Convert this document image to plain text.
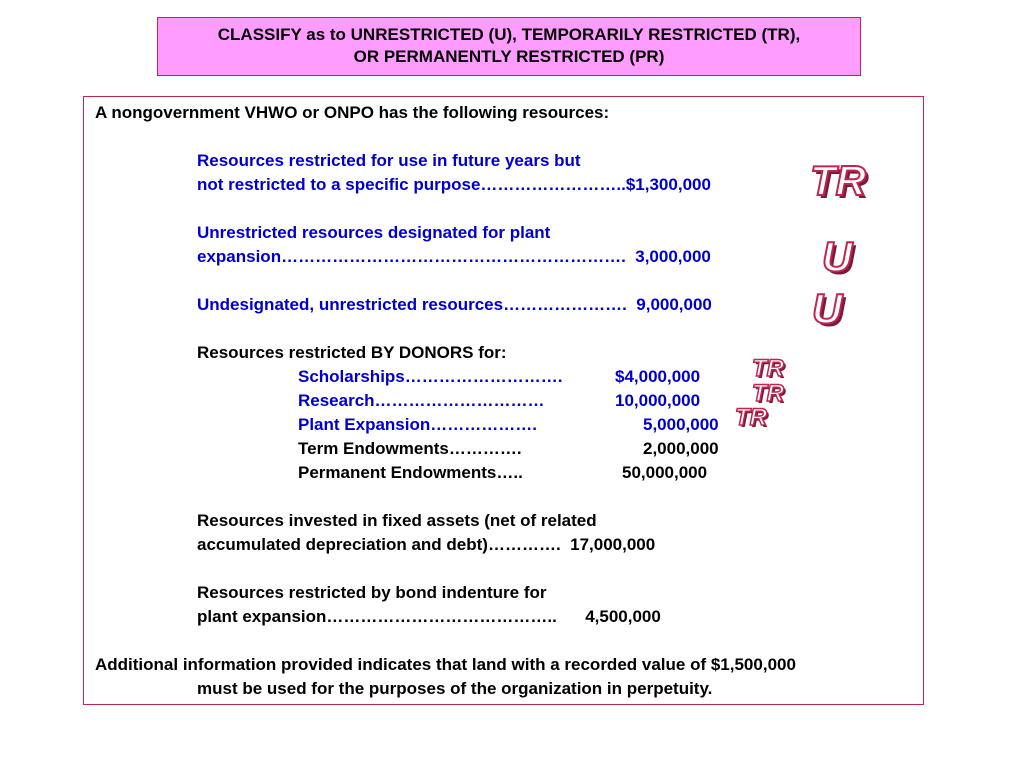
CLASSIFY as to UNRESTRICTED (U), TEMPORARILY RESTRICTED (TR),
OR PERMANENTLY RESTRICTED (PR)
A nongovernment VHWO or ONPO has the following resources:
Resources restricted for use in future years but
not restricted to a specific purpose……………………..$1,300,000 TR
Unrestricted resources designated for plant
expansion…………………………………………………….  3,000,000	U
Undesignated, unrestricted resources………………….  9,000,000 U
Resources restricted BY DONORS for:
Scholarships……………………….	$4,000,000 TR
Research…………………………	10,000,000 TR
Plant Expansion……………….	5,000,000 TR
Term Endowments………….	2,000,000
Permanent Endowments…..	50,000,000
Resources invested in fixed assets (net of related
accumulated depreciation and debt)………….  17,000,000
Resources restricted by bond indenture for
plant expansion…………………………………..      4,500,000
Additional information provided indicates that land with a recorded value of $1,500,000
must be used for the purposes of the organization in perpetuity.
